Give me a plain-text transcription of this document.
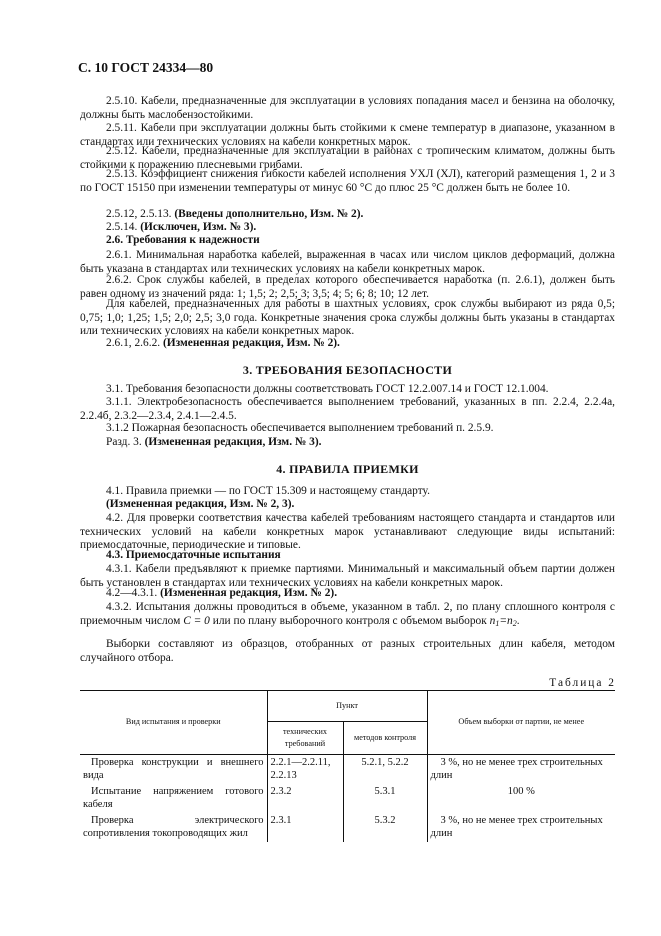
С. 10 ГОСТ 24334—80

2.5.10. Кабели, предназначенные для эксплуатации в условиях попадания масел и бензина на оболочку, должны быть маслобензостойкими.

2.5.11. Кабели при эксплуатации должны быть стойкими к смене температур в диапазоне, указанном в стандартах или технических условиях на кабели конкретных марок.

2.5.12. Кабели, предназначенные для эксплуатации в районах с тропическим климатом, должны быть стойкими к поражению плесневыми грибами.

2.5.13. Коэффициент снижения гибкости кабелей исполнения УХЛ (ХЛ), категорий размещения 1, 2 и 3 по ГОСТ 15150 при изменении температуры от минус 60 °С до плюс 25 °С должен быть не более 10.

2.5.12, 2.5.13. (Введены дополнительно, Изм. № 2).

2.5.14. (Исключен, Изм. № 3).

2.6. Требования к надежности

2.6.1. Минимальная наработка кабелей, выраженная в часах или числом циклов деформаций, должна быть указана в стандартах или технических условиях на кабели конкретных марок.

2.6.2. Срок службы кабелей, в пределах которого обеспечивается наработка (п. 2.6.1), должен быть равен одному из значений ряда: 1; 1,5; 2; 2,5; 3; 3,5; 4; 5; 6; 8; 10; 12 лет.

Для кабелей, предназначенных для работы в шахтных условиях, срок службы выбирают из ряда 0,5; 0,75; 1,0; 1,25; 1,5; 2,0; 2,5; 3,0 года. Конкретные значения срока службы должны быть указаны в стандартах или технических условиях на кабели конкретных марок.

2.6.1, 2.6.2. (Измененная редакция, Изм. № 2).

3. ТРЕБОВАНИЯ БЕЗОПАСНОСТИ

3.1. Требования безопасности должны соответствовать ГОСТ 12.2.007.14 и ГОСТ 12.1.004.

3.1.1. Электробезопасность обеспечивается выполнением требований, указанных в пп. 2.2.4, 2.2.4а, 2.2.4б, 2.3.2—2.3.4, 2.4.1—2.4.5.

3.1.2 Пожарная безопасность обеспечивается выполнением требований п. 2.5.9.

Разд. 3. (Измененная редакция, Изм. № 3).

4. ПРАВИЛА ПРИЕМКИ

4.1. Правила приемки — по ГОСТ 15.309 и настоящему стандарту.

(Измененная редакция, Изм. № 2, 3).

4.2. Для проверки соответствия качества кабелей требованиям настоящего стандарта и стандартов или технических условий на кабели конкретных марок устанавливают следующие виды испытаний: приемосдаточные, периодические и типовые.

4.3. Приемосдаточные испытания

4.3.1. Кабели предъявляют к приемке партиями. Минимальный и максимальный объем партии должен быть установлен в стандартах или технических условиях на кабели конкретных марок.

4.2—4.3.1. (Измененная редакция, Изм. № 2).

4.3.2. Испытания должны проводиться в объеме, указанном в табл. 2, по плану сплошного контроля с приемочным числом С = 0 или по плану выборочного контроля с объемом выборок $n_1=n_2$.

Выборки составляют из образцов, отобранных от разных строительных длин кабеля, методом случайного отбора.

Таблица 2
Вид испытания и проверки	Пункт		Объем выборки от партии, не менее
	технических требований	методов контроля	
Проверка конструкции и внешнего вида	2.2.1—2.2.11, 2.2.13	5.2.1, 5.2.2	3 %, но не менее трех строительных длин
Испытание напряжением готового кабеля	2.3.2	5.3.1	100 %
Проверка электрического сопротивления токопроводящих жил	2.3.1	5.3.2	3 %, но не менее трех строительных длин
